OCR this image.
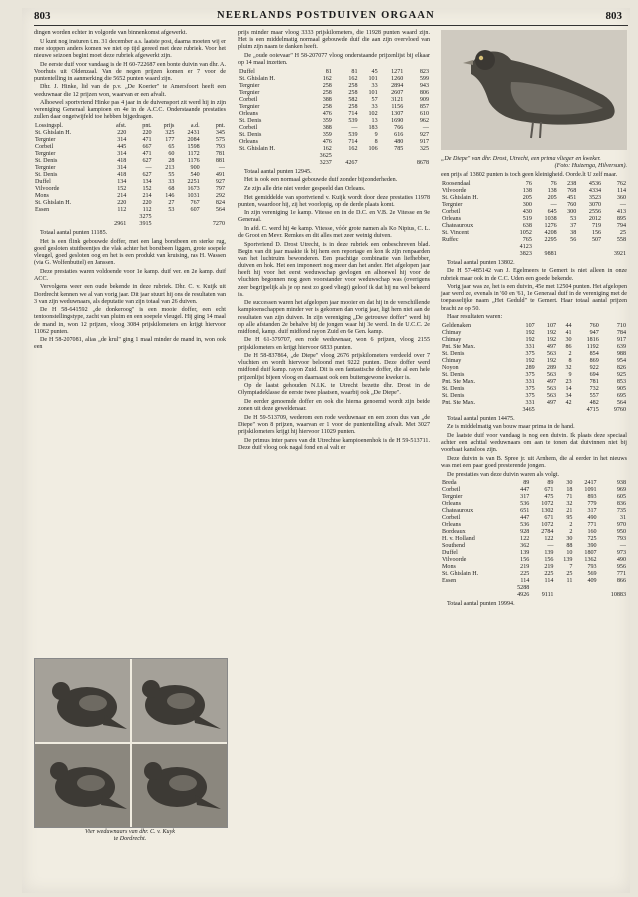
803	NEERLANDS POSTDUIVEN ORGAAN	803

dingen worden echter in volgorde van binnenkomst afgewerkt.

U kunt nog insturen t.m. 31 december a.s. laatste post, daarna moeten wij er mee stoppen anders komen we niet op tijd gereed met deze rubriek. Voor het nieuwe seizoen begint moet deze rubriek afgewerkt zijn.

De eerste duif voor vandaag is de H 60-722687 een bonte duivin van dhr. A. Voorhuis uit Oldenzaal. Van de negen prijzen komen er 7 voor de puntentelling in aanmerking die 5652 punten waard zijn.

Dhr. J. Hinke, lid van de p.v. „De Koerier" te Amersfoort heeft een weduwnaar die 12 prijzen won, waarvan er een afvalt.

Alhoewel sportvriend Hinke pas 4 jaar in de duivensport zit werd hij in zijn vereniging Generaal kampioen en 4e in de A.C.C. Onderstaande prestaties zullen daar ongetwijfeld toe hebben bijgedragen.

Lossingspl.	afst.	pnt.	prijs	a.d.	pnt.
St. Ghislain H.	220	220	325	2431	345
Tergnier	314	471	177	2084	575
Corbeil	445	667	65	1598	793
Tergnier	314	471	60	1172	781
St. Denis	418	627	28	1176	881
Tergnier	314	—	213	900	—
St. Denis	418	627	55	540	491
Duffel	134	134	33	2251	927
Vilvoorde	152	152	68	1673	797
Mons	214	214	146	1031	292
St. Ghislain H.	220	220	27	767	824
Essen	112	112	53	607	564
		3275			
	2961	3915			7270

Totaal aantal punten 11185.

Het is een flink gebouwde doffer, met een lang borstbeen en sterke rug, goed gesloten stuitbeentjes die vlak achter het borstbeen liggen, grote soepele vleugel, goed gesloten oog en het is een produkt van kruising, ras H. Wassen (via G. Wolfenbuttel) en Janssen.

Deze prestaties waren voldoende voor 1e kamp. duif ver. en 2e kamp. duif ACC.

Vervolgens weer een oude bekende in deze rubriek. Dhr. C. v. Kuijk uit Dordrecht kennen we al van vorig jaar. Dit jaar stuurt hij ons de resultaten van 3 van zijn weduwnaars, als deputatie van zijn totaal van 26 duiven.

De H 58-641592 „de donkeroog" is een mooie doffer, een echt tentoonstellingstype, zacht van pluim en een soepele vleugel. Hij ging 14 maal de mand in, won 12 prijzen, vloog 3084 prijskilometers en krijgt hiervoor 11062 punten.

De H 58-207081, alias „de krul" ging 1 maal minder de mand in, won ook een

Vier weduwnaars van dhr. C. v. Kuyk
te Dordrecht.

prijs minder maar vloog 3333 prijskilometers, die 11928 punten waard zijn. Het is een middelmatig normaal gebouwde duif die aan zijn overvloed van pluim zijn naam te danken heeft.

De „oude ooievaar" H 58-207077 vloog onderstaande prijzenlijst bij elkaar op 14 maal inzetten.

Duffel	81	81	45	1271	823
St. Ghislain H.	162	162	101	1260	599
Tergnier	258	258	33	2894	943
Tergnier	258	258	101	2607	806
Corbeil	388	582	57	3121	909
Tergnier	258	258	33	1156	857
Orleans	476	714	102	1307	610
St. Denis	359	539	13	1690	962
Corbeil	388	—	183	766	—
St. Denis	359	539	9	616	927
Orleans	476	714	8	480	917
St. Ghislain H.	162	162	106	785	325
	3625				
	3237	4267			8678

Totaal aantal punten 12945.

Het is ook een normaal gebouwde duif zonder bijzonderheden.

Ze zijn alle drie niet verder gespeeld dan Orleans.

Het gemiddelde van sportvriend v. Kuijk wordt door deze prestaties 11978 punten, waardoor hij, zij het voorlopig, op de derde plaats komt.

In zijn vereniging 1e kamp. Vitesse en in de D.C. en V.B. 2e Vitesse en 9e Generaal.

In afd. C. werd hij 4e kamp. Vitesse, vóór grote namen als Ko Nipius, C. L. de Groot en Mevr. Remkes en dit alles met zeer weinig duiven.

Sportvriend D. Drost Utrecht, is in deze rubriek een onbeschreven blad. Begin van dit jaar maakte ik bij hem een reportage en kon ik zijn renpaarden van het luchtruim bewonderen. Een prachtige combinatie van liefhebber, duiven en hok. Het een imponeert nog meer dan het ander. Het afgelopen jaar heeft hij voor het eerst weduwschap gevlogen en alhoewel hij voor de vluchten begonnen nog geen voorstander voor weduwschap was (overigens zeer begrijpelijk als je op nest zo goed vliegt) geloof ik dat hij nu wel bekeerd is.

De successen waren het afgelopen jaar mooier en dat hij in de verschillende kampioenschappen minder ver is gekomen dan vorig jaar, ligt hem niet aan de resultaten van zijn duiven. In zijn vereniging „De getrouwe doffer" werd hij op alle afstanden 2e behalve bij de jongen waar hij 3e werd. In de U.C.C. 2e midfond, kamp. duif midfond rayon Zuid en 6e Gen. kamp.

De H 61-379707, een rode weduwnaar, won 6 prijzen, vloog 2155 prijskilometers en krijgt hiervoor 6833 punten.

De H 58-837864, „de Diepe" vloog 2676 prijskilometers verdeeld over 7 vluchten en wordt hiervoor beloond met 9222 punten. Deze doffer werd midfond duif kamp. rayon Zuid. Dit is een fantastische doffer, die al een hele prijzenlijst bijeen vloog en daarnaast ook een buitengewone kweker is.

Op de laatst gehouden N.I.K. te Utrecht bezette dhr. Drost in de Olympiadeklasse de eerste twee plaatsen, waarbij ook „De Diepe".

De eerder genoemde doffer en ook die hierna genoemd wordt zijn beide zonen uit deze geweldenaar.

De H 59-513709, wederom een rode weduwnaar en een zoon dus van „de Diepe" won 8 prijzen, waarvan er 1 voor de puntentelling afvalt. Met 3027 prijskilometers krijgt hij hiervoor 11029 punten.

De primus inter pares van dit Utrechtse kampioenenhok is de H 59-513711. Deze duif vloog ook nagal fond en al valt er

„De Diepe" van dhr. Drost, Utrecht, een prima vlieger en kweker.
(Foto: Huizenga, Hilversum).

een prijs af 13802 punten is toch geen kleinigheid. Oorde.lt U zelf maar.

Roosendaal	76	76	238	4536	762
Vilvoorde	138	138	768	4334	114
St. Ghislain H.	205	205	451	3523	360
Tergnier	300	—	760	3070	—
Corbeil	430	645	300	2556	413
Orleans	519	1038	53	2012	895
Chateauroux	638	1276	37	719	794
St. Vincent	1052	4208	38	156	25
Ruffec	765	2295	56	507	558
	4123				
	3823	9881			3921

Totaal aantal punten 13802.

De H 57-485142 van J. Egelmeers te Gemert is niet alleen in onze rubriek maar ook in de C.C. Uden een goede bekende.

Vorig jaar was ze, het is een duivin, 45e met 12504 punten. Het afgelopen jaar werd ze, evenals in '60 en '61, 1e Generaal duif in de vereniging met de toepasselijke naam „Het Geduld" te Gemert. Haar totaal aantal prijzen bracht ze op 50.

Haar resultaten waren:

Geldenaken	107	107	44	760	710
Chimay	192	192	41	947	784
Chimay	192	192	30	1816	917
Pnt. Ste Max.	331	497	86	1192	639
St. Denis	375	563	2	854	988
Chimay	192	192	8	869	954
Noyon	289	289	32	922	826
St. Denis	375	563	9	694	925
Pnt. Ste Max.	331	497	23	781	853
St. Denis	375	563	14	732	905
St. Denis	375	563	34	557	695
Pnt. Ste Max.	331	497	42	482	564
	3465			4715	9760

Totaal aantal punten 14475.

Ze is middelmatig van bouw maar prima in de hand.

De laatste duif voor vandaag is nog een duivin. Ik plaats deze speciaal achter een achttal weduwnaars om aan te tonen dat duivinnen niet bij voorbaat kansloos zijn.

Deze duivin is van B. Spree jr. uit Arnhem, die al eerder in het nieuws was met een paar goed presterende jongen.

De prestaties van deze duivin waren als volgt.

Breda	89	89	30	2417	938
Corbeil	447	671	18	1091	969
Tergnier	317	475	71	893	605
Orleans	536	1072	32	779	836
Chateauroux	651	1302	21	317	735
Corbeil	447	671	95	490	31
Orleans	536	1072	2	771	970
Bordeaux	928	2784	2	160	950
H. v. Holland	122	122	30	725	793
Southend	362	—	88	390	—
Duffel	139	139	10	1807	973
Vilvoorde	156	156	139	1362	490
Mons	219	219	7	793	956
St. Ghislain H.	225	225	25	569	771
Essen	114	114	11	409	866
	5288				
	4926	9111			10883

Totaal aantal punten 19994.
